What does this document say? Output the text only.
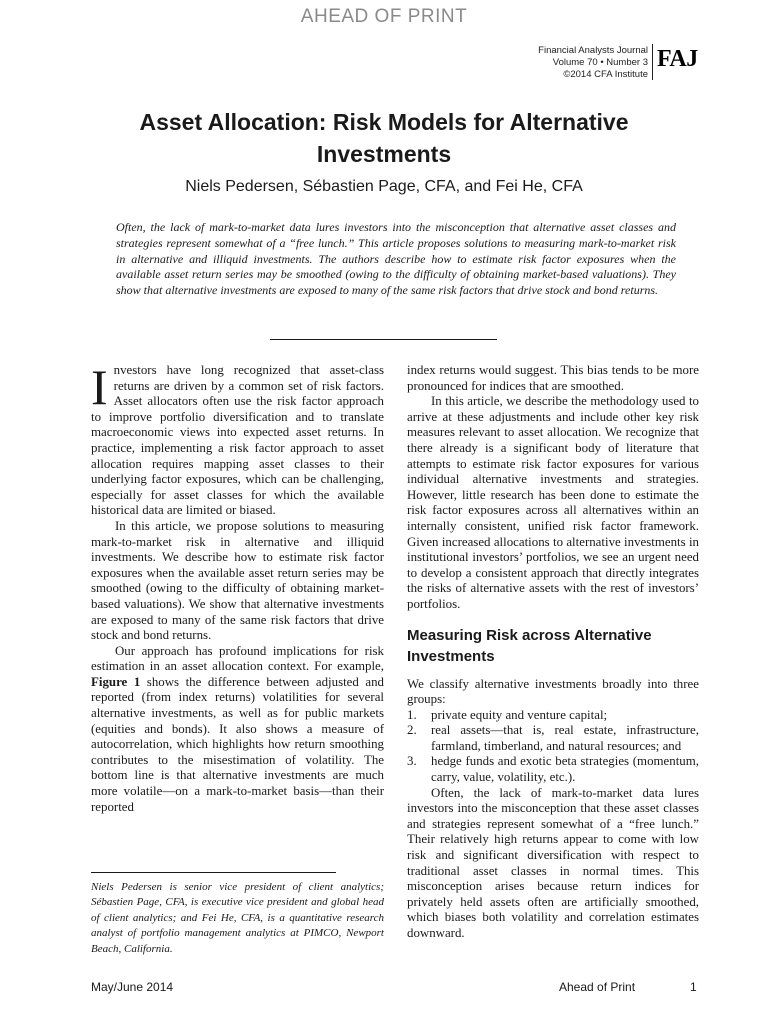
AHEAD OF PRINT
Financial Analysts Journal
Volume 70 • Number 3
©2014 CFA Institute
FAJ
Asset Allocation: Risk Models for Alternative Investments
Niels Pedersen, Sébastien Page, CFA, and Fei He, CFA
Often, the lack of mark-to-market data lures investors into the misconception that alternative asset classes and strategies represent somewhat of a “free lunch.” This article proposes solutions to measuring mark-to-market risk in alternative and illiquid investments. The authors describe how to estimate risk factor exposures when the available asset return series may be smoothed (owing to the difficulty of obtaining market-based valuations). They show that alternative investments are exposed to many of the same risk factors that drive stock and bond returns.

Investors have long recognized that asset-class returns are driven by a common set of risk factors. Asset allocators often use the risk factor approach to improve portfolio diversification and to translate macroeconomic views into expected asset returns. In practice, implementing a risk factor approach to asset allocation requires mapping asset classes to their underlying factor exposures, which can be challenging, especially for asset classes for which the available historical data are limited or biased.

In this article, we propose solutions to measuring mark-to-market risk in alternative and illiquid investments. We describe how to estimate risk factor exposures when the available asset return series may be smoothed (owing to the difficulty of obtaining market-based valuations). We show that alternative investments are exposed to many of the same risk factors that drive stock and bond returns.

Our approach has profound implications for risk estimation in an asset allocation context. For example, Figure 1 shows the difference between adjusted and reported (from index returns) volatilities for several alternative investments, as well as for public markets (equities and bonds). It also shows a measure of autocorrelation, which highlights how return smoothing contributes to the misestimation of volatility. The bottom line is that alternative investments are much more volatile—on a mark-to-market basis—than their reported

index returns would suggest. This bias tends to be more pronounced for indices that are smoothed.

In this article, we describe the methodology used to arrive at these adjustments and include other key risk measures relevant to asset allocation. We recognize that there already is a significant body of literature that attempts to estimate risk factor exposures for various individual alternative investments and strategies. However, little research has been done to estimate the risk factor exposures across all alternatives within an internally consistent, unified risk factor framework. Given increased allocations to alternative investments in institutional investors’ portfolios, we see an urgent need to develop a consistent approach that directly integrates the risks of alternative assets with the rest of investors’ portfolios.

Measuring Risk across Alternative Investments

We classify alternative investments broadly into three groups:

1. private equity and venture capital;
2. real assets—that is, real estate, infrastructure, farmland, timberland, and natural resources; and
3. hedge funds and exotic beta strategies (momentum, carry, value, volatility, etc.).

Often, the lack of mark-to-market data lures investors into the misconception that these asset classes and strategies represent somewhat of a “free lunch.” Their relatively high returns appear to come with low risk and significant diversification with respect to traditional asset classes in normal times. This misconception arises because return indices for privately held assets often are artificially smoothed, which biases both volatility and correlation estimates downward.

Niels Pedersen is senior vice president of client analytics; Sébastien Page, CFA, is executive vice president and global head of client analytics; and Fei He, CFA, is a quantitative research analyst of portfolio management analytics at PIMCO, Newport Beach, California.
May/June 2014	Ahead of Print	1
